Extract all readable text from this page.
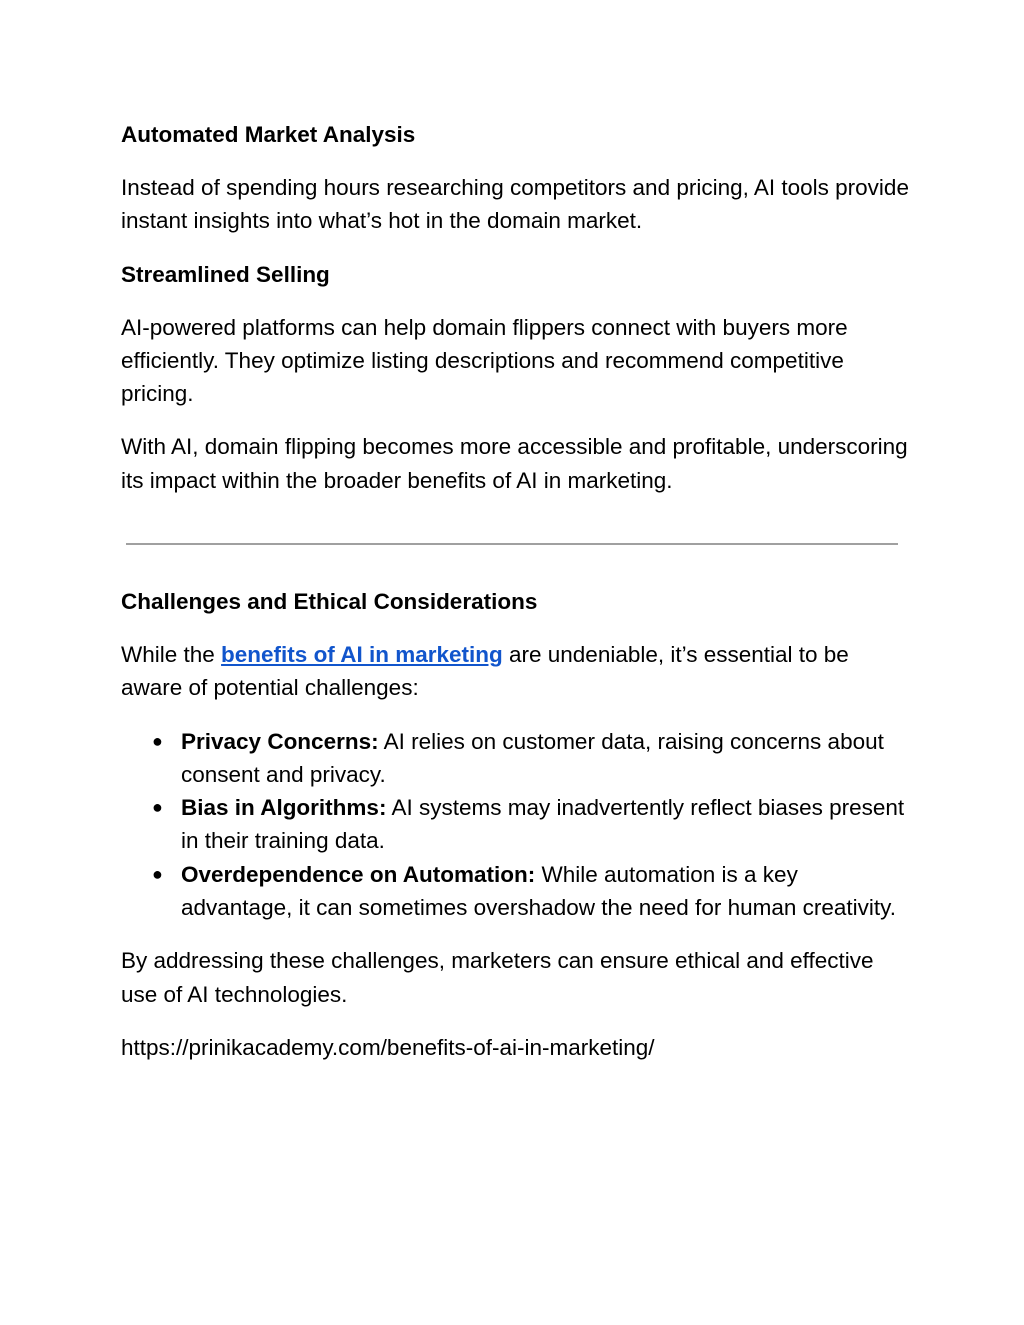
Automated Market Analysis

Instead of spending hours researching competitors and pricing, AI tools provide instant insights into what’s hot in the domain market.

Streamlined Selling

AI-powered platforms can help domain flippers connect with buyers more efficiently. They optimize listing descriptions and recommend competitive pricing.

With AI, domain flipping becomes more accessible and profitable, underscoring its impact within the broader benefits of AI in marketing.

Challenges and Ethical Considerations

While the benefits of AI in marketing are undeniable, it’s essential to be aware of potential challenges:

● Privacy Concerns: AI relies on customer data, raising concerns about consent and privacy.
● Bias in Algorithms: AI systems may inadvertently reflect biases present in their training data.
● Overdependence on Automation: While automation is a key advantage, it can sometimes overshadow the need for human creativity.

By addressing these challenges, marketers can ensure ethical and effective use of AI technologies.

https://prinikacademy.com/benefits-of-ai-in-marketing/
